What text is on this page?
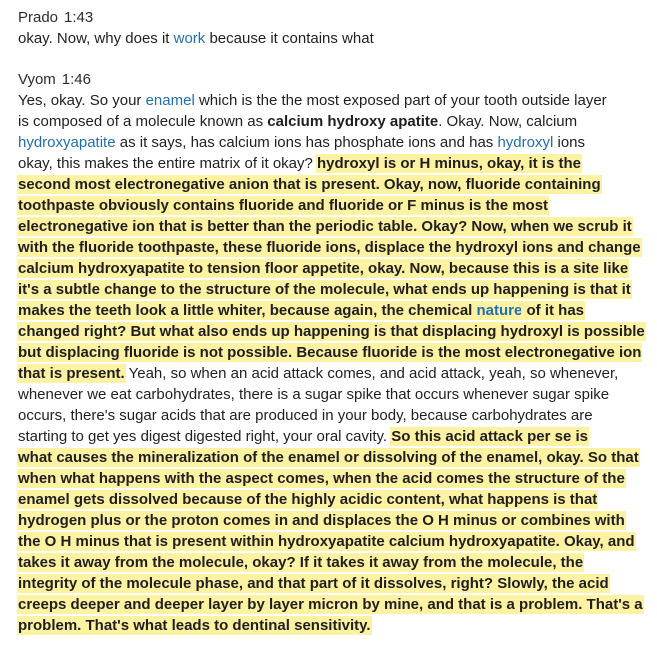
Prado 1:43
okay. Now, why does it work because it contains what
Vyom 1:46
Yes, okay. So your enamel which is the the most exposed part of your tooth outside layer
is composed of a molecule known as calcium hydroxy apatite. Okay. Now, calcium
hydroxyapatite as it says, has calcium ions has phosphate ions and has hydroxyl ions
okay, this makes the entire matrix of it okay? hydroxyl is or H minus, okay, it is the
second most electronegative anion that is present. Okay, now, fluoride containing
toothpaste obviously contains fluoride and fluoride or F minus is the most
electronegative ion that is better than the periodic table. Okay? Now, when we scrub it
with the fluoride toothpaste, these fluoride ions, displace the hydroxyl ions and change
calcium hydroxyapatite to tension floor appetite, okay. Now, because this is a site like
it's a subtle change to the structure of the molecule, what ends up happening is that it
makes the teeth look a little whiter, because again, the chemical nature of it has
changed right? But what also ends up happening is that displacing hydroxyl is possible
but displacing fluoride is not possible. Because fluoride is the most electronegative ion
that is present. Yeah, so when an acid attack comes, and acid attack, yeah, so whenever,
whenever we eat carbohydrates, there is a sugar spike that occurs whenever sugar spike
occurs, there's sugar acids that are produced in your body, because carbohydrates are
starting to get yes digest digested right, your oral cavity. So this acid attack per se is
what causes the mineralization of the enamel or dissolving of the enamel, okay. So that
when what happens with the aspect comes, when the acid comes the structure of the
enamel gets dissolved because of the highly acidic content, what happens is that
hydrogen plus or the proton comes in and displaces the O H minus or combines with
the O H minus that is present within hydroxyapatite calcium hydroxyapatite. Okay, and
takes it away from the molecule, okay? If it takes it away from the molecule, the
integrity of the molecule phase, and that part of it dissolves, right? Slowly, the acid
creeps deeper and deeper layer by layer micron by mine, and that is a problem. That's a
problem. That's what leads to dentinal sensitivity.
